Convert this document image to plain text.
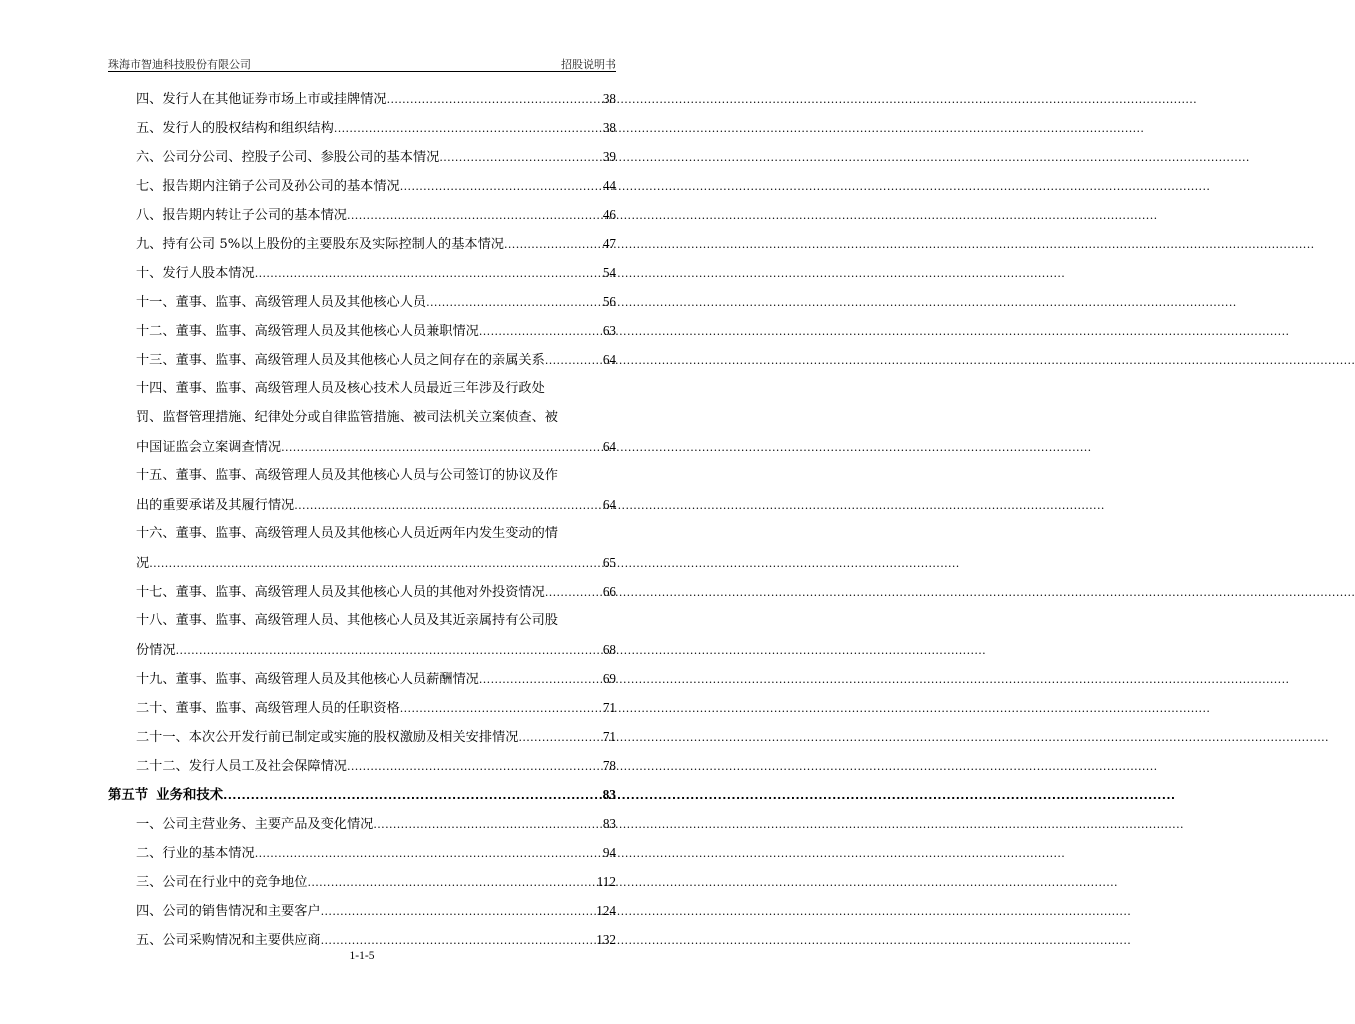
珠海市智迪科技股份有限公司	招股说明书
四、发行人在其他证券市场上市或挂牌情况 .....	38
五、发行人的股权结构和组织结构 .....	38
六、公司分公司、控股子公司、参股公司的基本情况 .....	39
七、报告期内注销子公司及孙公司的基本情况 .....	44
八、报告期内转让子公司的基本情况 .....	46
九、持有公司 5%以上股份的主要股东及实际控制人的基本情况 .....	47
十、发行人股本情况 .....	54
十一、董事、监事、高级管理人员及其他核心人员 .....	56
十二、董事、监事、高级管理人员及其他核心人员兼职情况 .....	63
十三、董事、监事、高级管理人员及其他核心人员之间存在的亲属关系 .....	64
十四、董事、监事、高级管理人员及核心技术人员最近三年涉及行政处
罚、监督管理措施、纪律处分或自律监管措施、被司法机关立案侦查、被
中国证监会立案调查情况 .....	64
十五、董事、监事、高级管理人员及其他核心人员与公司签订的协议及作
出的重要承诺及其履行情况 .....	64
十六、董事、监事、高级管理人员及其他核心人员近两年内发生变动的情
况 .....	65
十七、董事、监事、高级管理人员及其他核心人员的其他对外投资情况 .....	66
十八、董事、监事、高级管理人员、其他核心人员及其近亲属持有公司股
份情况 .....	68
十九、董事、监事、高级管理人员及其他核心人员薪酬情况 .....	69
二十、董事、监事、高级管理人员的任职资格 .....	71
二十一、本次公开发行前已制定或实施的股权激励及相关安排情况 .....	71
二十二、发行人员工及社会保障情况 .....	78
第五节 业务和技术 .....	83
一、公司主营业务、主要产品及变化情况 .....	83
二、行业的基本情况 .....	94
三、公司在行业中的竞争地位 .....	112
四、公司的销售情况和主要客户 .....	124
五、公司采购情况和主要供应商 .....	132
1-1-5
